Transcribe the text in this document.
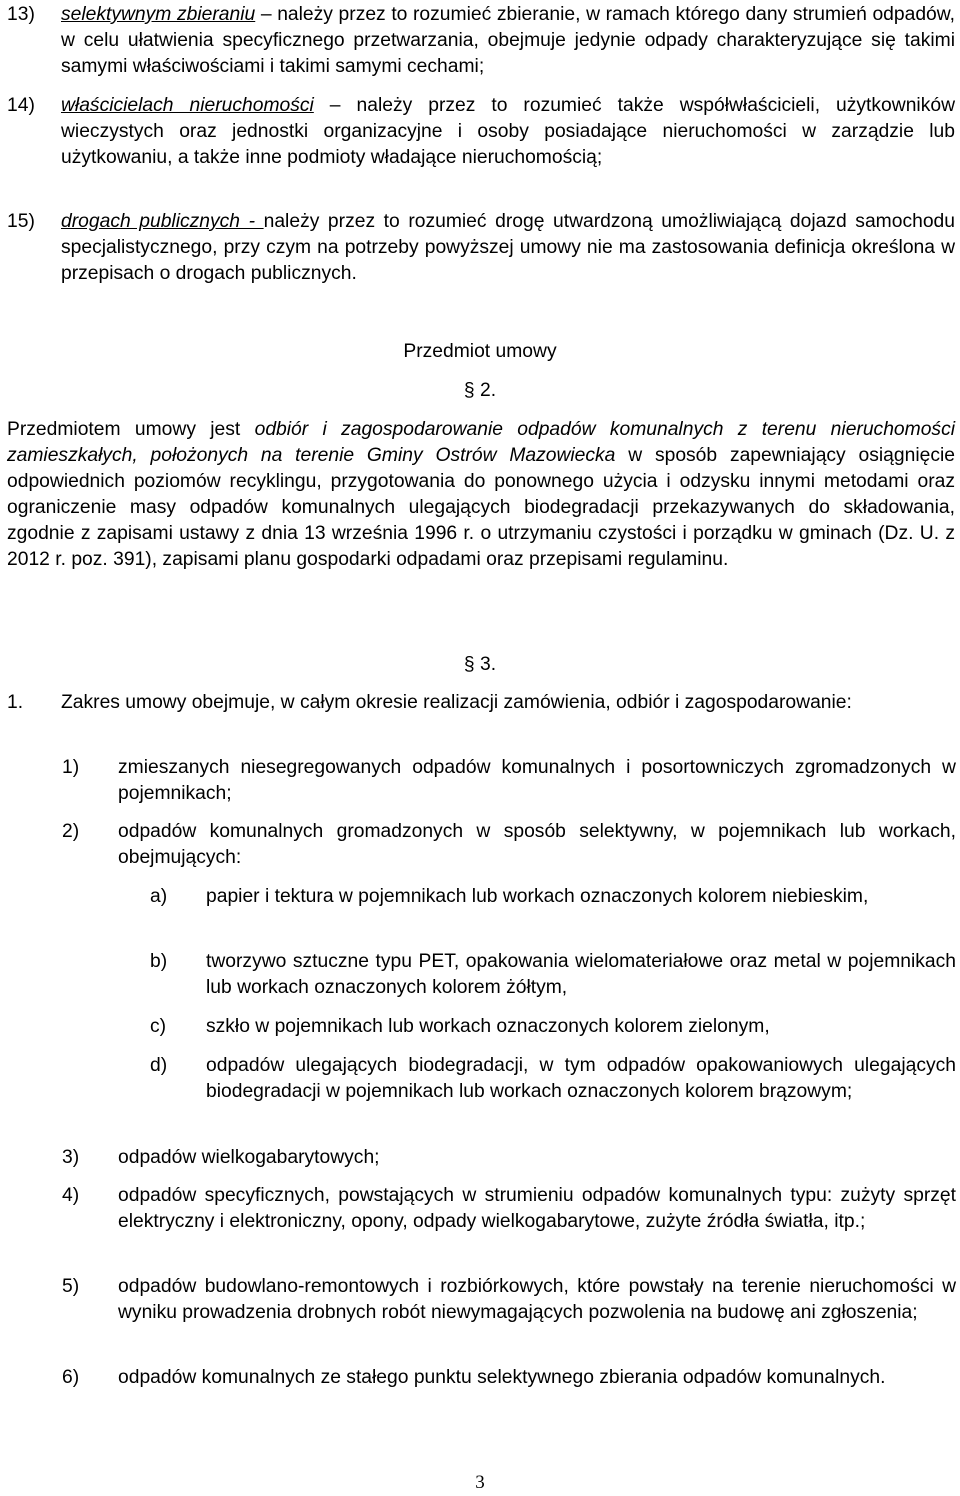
13) selektywnym zbieraniu – należy przez to rozumieć zbieranie, w ramach którego dany strumień odpadów, w celu ułatwienia specyficznego przetwarzania, obejmuje jedynie odpady charakteryzujące się takimi samymi właściwościami i takimi samymi cechami;
14) właścicielach nieruchomości – należy przez to rozumieć także współwłaścicieli, użytkowników wieczystych oraz jednostki organizacyjne i osoby posiadające nieruchomości w zarządzie lub użytkowaniu, a także inne podmioty władające nieruchomością;
15) drogach publicznych - należy przez to rozumieć drogę utwardzoną umożliwiającą dojazd samochodu specjalistycznego, przy czym na potrzeby powyższej umowy nie ma zastosowania definicja określona w przepisach o drogach publicznych.
Przedmiot umowy
§ 2.
Przedmiotem umowy jest odbiór i zagospodarowanie odpadów komunalnych z terenu nieruchomości zamieszkałych, położonych na terenie Gminy Ostrów Mazowiecka w sposób zapewniający osiągnięcie odpowiednich poziomów recyklingu, przygotowania do ponownego użycia i odzysku innymi metodami oraz ograniczenie masy odpadów komunalnych ulegających biodegradacji przekazywanych do składowania, zgodnie z zapisami ustawy z dnia 13 września 1996 r. o utrzymaniu czystości i porządku w gminach (Dz. U. z 2012 r. poz. 391), zapisami planu gospodarki odpadami oraz przepisami regulaminu.
§ 3.
1. Zakres umowy obejmuje, w całym okresie realizacji zamówienia, odbiór i zagospodarowanie:
1) zmieszanych niesegregowanych odpadów komunalnych i posortowniczych zgromadzonych w pojemnikach;
2) odpadów komunalnych gromadzonych w sposób selektywny, w pojemnikach lub workach, obejmujących:
a) papier i tektura w pojemnikach lub workach oznaczonych kolorem niebieskim,
b) tworzywo sztuczne typu PET, opakowania wielomateriałowe oraz metal w pojemnikach lub workach oznaczonych kolorem żółtym,
c) szkło w pojemnikach lub workach oznaczonych kolorem zielonym,
d) odpadów ulegających biodegradacji, w tym odpadów opakowaniowych ulegających biodegradacji w pojemnikach lub workach oznaczonych kolorem brązowym;
3) odpadów wielkogabarytowych;
4) odpadów specyficznych, powstających w strumieniu odpadów komunalnych typu: zużyty sprzęt elektryczny i elektroniczny, opony, odpady wielkogabarytowe, zużyte źródła światła, itp.;
5) odpadów budowlano-remontowych i rozbiórkowych, które powstały na terenie nieruchomości w wyniku prowadzenia drobnych robót niewymagających pozwolenia na budowę ani zgłoszenia;
6) odpadów komunalnych ze stałego punktu selektywnego zbierania odpadów komunalnych.
3
